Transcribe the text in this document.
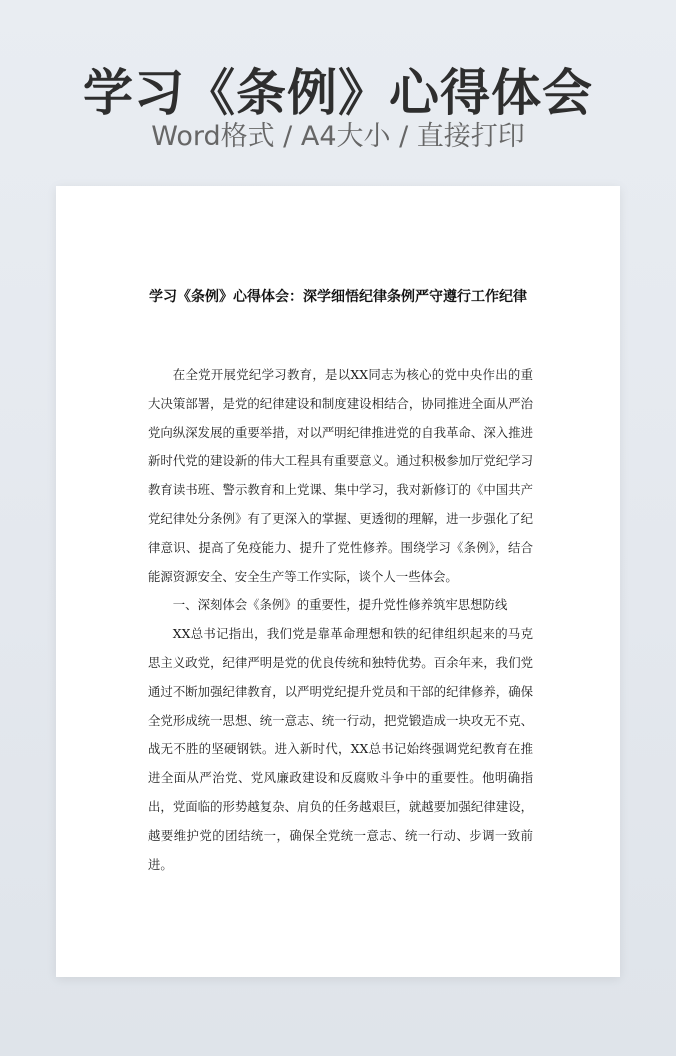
学习《条例》心得体会
Word格式 / A4大小 / 直接打印
学习《条例》心得体会：深学细悟纪律条例严守遵行工作纪律

在全党开展党纪学习教育，是以XX同志为核心的党中央作出的重大决策部署，是党的纪律建设和制度建设相结合，协同推进全面从严治党向纵深发展的重要举措，对以严明纪律推进党的自我革命、深入推进新时代党的建设新的伟大工程具有重要意义。通过积极参加厅党纪学习教育读书班、警示教育和上党课、集中学习，我对新修订的《中国共产党纪律处分条例》有了更深入的掌握、更透彻的理解，进一步强化了纪律意识、提高了免疫能力、提升了党性修养。围绕学习《条例》，结合能源资源安全、安全生产等工作实际，谈个人一些体会。

一、深刻体会《条例》的重要性，提升党性修养筑牢思想防线

XX总书记指出，我们党是靠革命理想和铁的纪律组织起来的马克思主义政党，纪律严明是党的优良传统和独特优势。百余年来，我们党通过不断加强纪律教育，以严明党纪提升党员和干部的纪律修养，确保全党形成统一思想、统一意志、统一行动，把党锻造成一块攻无不克、战无不胜的坚硬钢铁。进入新时代，XX总书记始终强调党纪教育在推进全面从严治党、党风廉政建设和反腐败斗争中的重要性。他明确指出，党面临的形势越复杂、肩负的任务越艰巨，就越要加强纪律建设，越要维护党的团结统一，确保全党统一意志、统一行动、步调一致前进。
